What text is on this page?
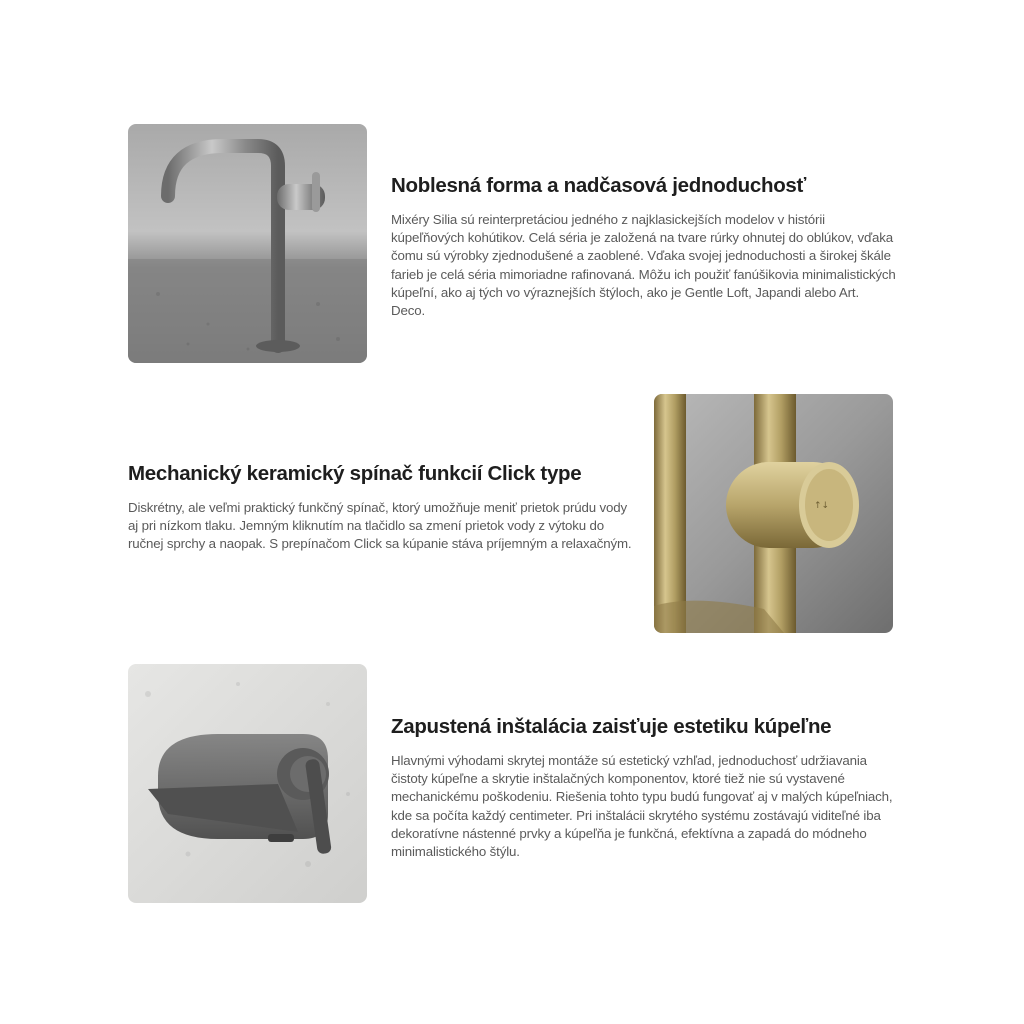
Noblesná forma a nadčasová jednoduchosť

Mixéry Silia sú reinterpretáciou jedného z najklasickejších modelov v histórii kúpeľňových kohútikov. Celá séria je založená na tvare rúrky ohnutej do oblúkov, vďaka čomu sú výrobky zjednodušené a zaoblené. Vďaka svojej jednoduchosti a širokej škále farieb je celá séria mimoriadne rafinovaná. Môžu ich použiť fanúšikovia minimalistických kúpeľní, ako aj tých vo výraznejších štýloch, ako je Gentle Loft, Japandi alebo Art. Deco.

↑↓
Mechanický keramický spínač funkcií Click type

Diskrétny, ale veľmi praktický funkčný spínač, ktorý umožňuje meniť prietok prúdu vody aj pri nízkom tlaku. Jemným kliknutím na tlačidlo sa zmení prietok vody z výtoku do ručnej sprchy a naopak. S prepínačom Click sa kúpanie stáva príjemným a relaxačným.

Zapustená inštalácia zaisťuje estetiku kúpeľne

Hlavnými výhodami skrytej montáže sú estetický vzhľad, jednoduchosť udržiavania čistoty kúpeľne a skrytie inštalačných komponentov, ktoré tiež nie sú vystavené mechanickému poškodeniu. Riešenia tohto typu budú fungovať aj v malých kúpeľniach, kde sa počíta každý centimeter. Pri inštalácii skrytého systému zostávajú viditeľné iba dekoratívne nástenné prvky a kúpeľňa je funkčná, efektívna a zapadá do módneho minimalistického štýlu.
